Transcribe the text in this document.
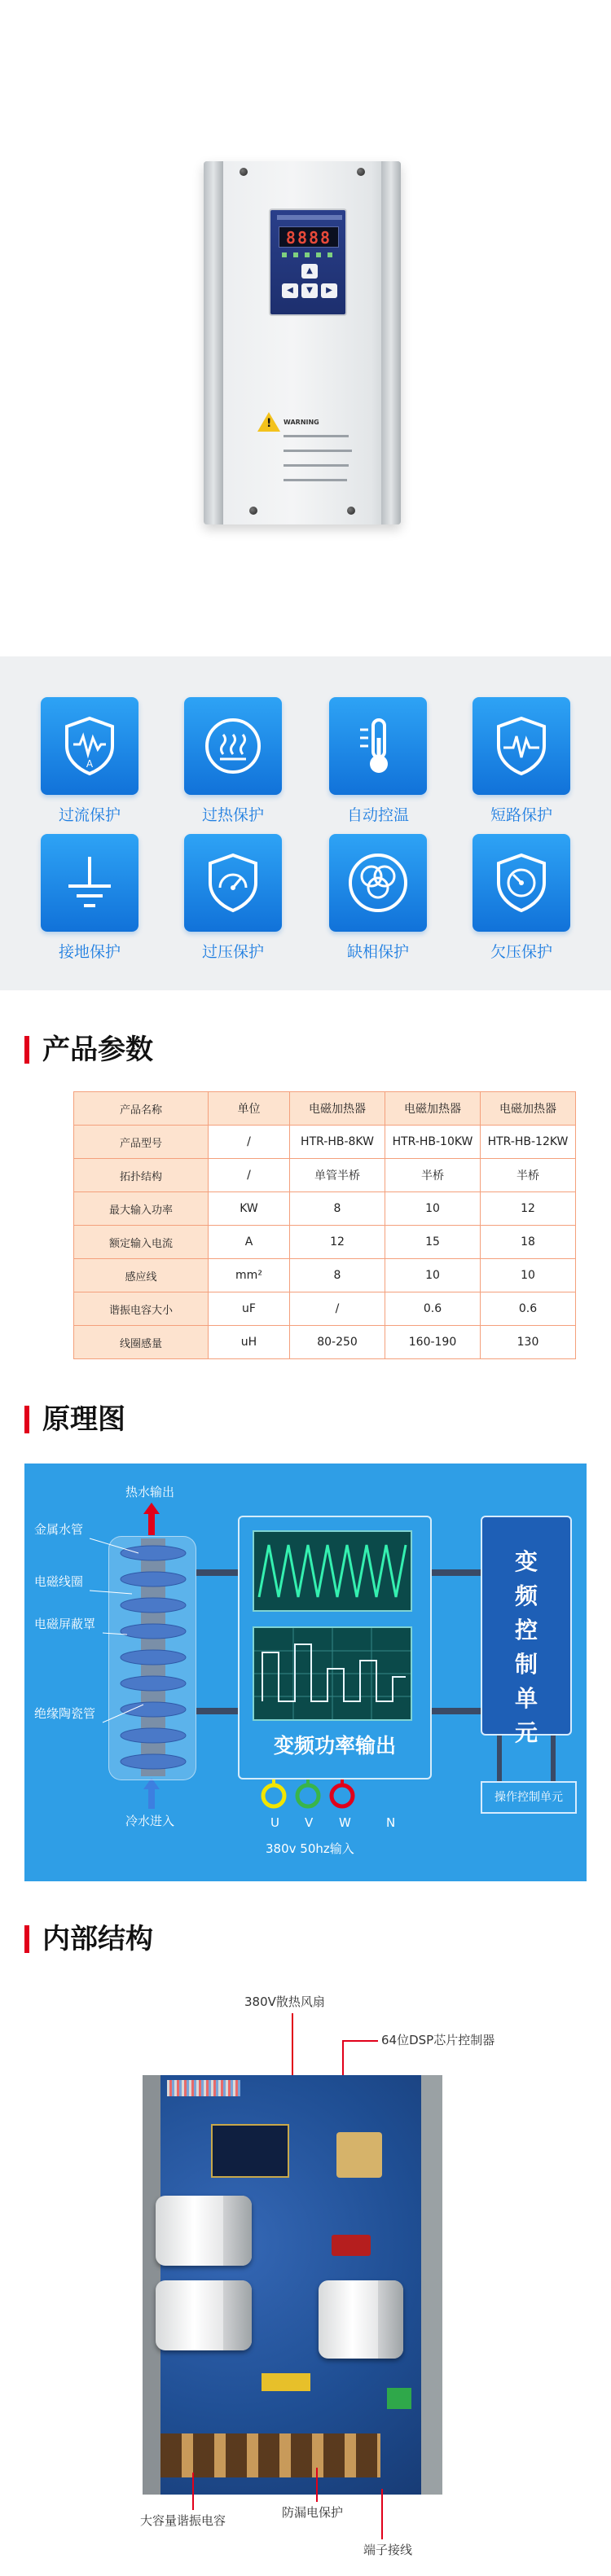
8888
▲
◀	▼	▶
! WARNING
A
过流保护	过热保护	自动控温	短路保护
接地保护	过压保护	缺相保护	欠压保护
产品参数
产品名称	单位	电磁加热器	电磁加热器	电磁加热器
产品型号	/	HTR-HB-8KW	HTR-HB-10KW	HTR-HB-12KW
拓扑结构	/	单管半桥	半桥	半桥
最大输入功率	KW	8	10	12
额定输入电流	A	12	15	18
感应线	mm²	8	10	10
谐振电容大小	uF	/	0.6	0.6
线圈感量	uH	80-250	160-190	130
原理图
热水输出
冷水进入
金属水管
电磁线圈
电磁屏蔽罩
绝缘陶瓷管
变频功率输出
变频控制单元
操作控制单元
U V W	N
380v 50hz输入
内部结构
380V散热风扇
64位DSP芯片控制器
大容量谐振电容
防漏电保护
端子接线
